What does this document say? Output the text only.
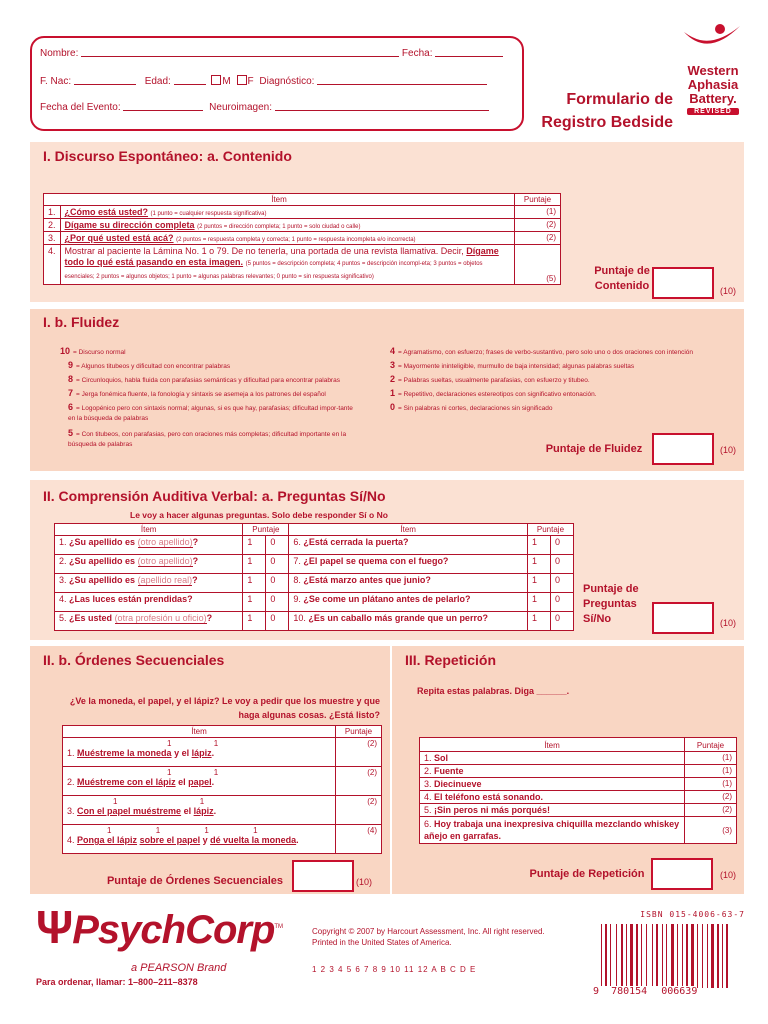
Nombre:	Fecha:
F. Nac:	Edad:	M F Diagnóstico:
Fecha del Evento:	Neuroimagen:	Formulario de
Registro Bedside
Western
Aphasia
Battery.
REVISED
I. Discurso Espontáneo: a. Contenido
Ítem		Puntaje
1.	¿Cómo está usted? (1 punto = cualquier respuesta significativa)	(1)
2.	Dígame su dirección completa (2 puntos = dirección completa; 1 punto = solo ciudad o calle)	(2)
3.	¿Por qué usted está acá? (2 puntos = respuesta completa y correcta; 1 punto = respuesta incompleta e/o incorrecta)	(2)
4.	Mostrar al paciente la Lámina No. 1 o 79. De no tenerla, una portada de una revista llamativa. Decir, Dígame todo lo qué está pasando en esta imagen. (5 puntos = descripción completa; 4 puntos = descripción incompl-eta; 3 puntos = objetos esenciales; 2 puntos = algunos objetos; 1 punto = algunas palabras relevantes; 0 punto = sin respuesta significativo)	(5)
Puntaje de Contenido	(10)
I. b. Fluidez
10 = Discurso normal
9 = Algunos titubeos y dificultad con encontrar palabras
8 = Circunloquios, habla fluida con parafasias semánticas y dificultad para encontrar palabras
7 = Jerga fonémica fluente, la fonología y sintaxis se asemeja a los patrones del español
6 = Logopénico pero con sintaxis normal; algunas, si es que hay, parafasias; dificultad impor-tante en la búsqueda de palabras
5 = Con titubeos, con parafasias, pero con oraciones más completas; dificultad importante en la búsqueda de palabras
4 = Agramatismo, con esfuerzo; frases de verbo-sustantivo, pero solo uno o dos oraciones con intención
3 = Mayormente ininteligible, murmullo de baja intensidad; algunas palabras sueltas
2 = Palabras sueltas, usualmente parafasias, con esfuerzo y titubeo.
1 = Repetitivo, declaraciones estereotipos con significativo entonación.
0 = Sin palabras ni cortes, declaraciones sin significado
Puntaje de Fluidez	(10)
II. Comprensión Auditiva Verbal: a. Preguntas Sí/No
Le voy a hacer algunas preguntas. Solo debe responder Sí o No
Ítem	Puntaje		Ítem	Puntaje	
1. ¿Su apellido es (otro apellido)?	1	0	6. ¿Está cerrada la puerta?	1	0
2. ¿Su apellido es (otro apellido)?	1	0	7. ¿El papel se quema con el fuego?	1	0
3. ¿Su apellido es (apellido real)?	1	0	8. ¿Está marzo antes que junio?	1	0
4. ¿Las luces están prendidas?	1	0	9. ¿Se come un plátano antes de pelarlo?	1	0
5. ¿Es usted (otra profesión u oficio)?	1	0	10. ¿Es un caballo más grande que un perro?	1	0
Puntaje de Preguntas Sí/No	(10)
II. b. Órdenes Secuenciales
¿Ve la moneda, el papel, y el lápiz? Le voy a pedir que los muestre y que haga algunas cosas. ¿Está listo?
Ítem	Puntaje

1 1
1. Muéstreme la moneda y el lápiz.	(2)

1 1
2. Muéstreme con el lápiz el papel.	(2)

1 1
3. Con el papel muéstreme el lápiz.	(2)

1 1 1 1
4. Ponga el lápiz sobre el papel y dé vuelta la moneda.	(4)
Puntaje de Órdenes Secuenciales	(10)
III. Repetición
Repita estas palabras. Diga ______.
Ítem	Puntaje
1. Sol	(1)
2. Fuente	(1)
3. Diecinueve	(1)
4. El teléfono está sonando.	(2)
5. ¡Sin peros ni más porqués!	(2)
6. Hoy trabaja una inexpresiva chiquilla mezclando whiskey añejo en garrafas.	(3)
Puntaje de Repetición	(10)
ΨPsychCorp™
a PEARSON Brand
Para ordenar, llamar: 1–800–211–8378
Copyright © 2007 by Harcourt Assessment, Inc. All right reserved.
Printed in the United States of America.
1 2 3 4 5 6 7 8 9 10 11 12 A B C D E
ISBN 015-4006-63-7
9 780154 006639
